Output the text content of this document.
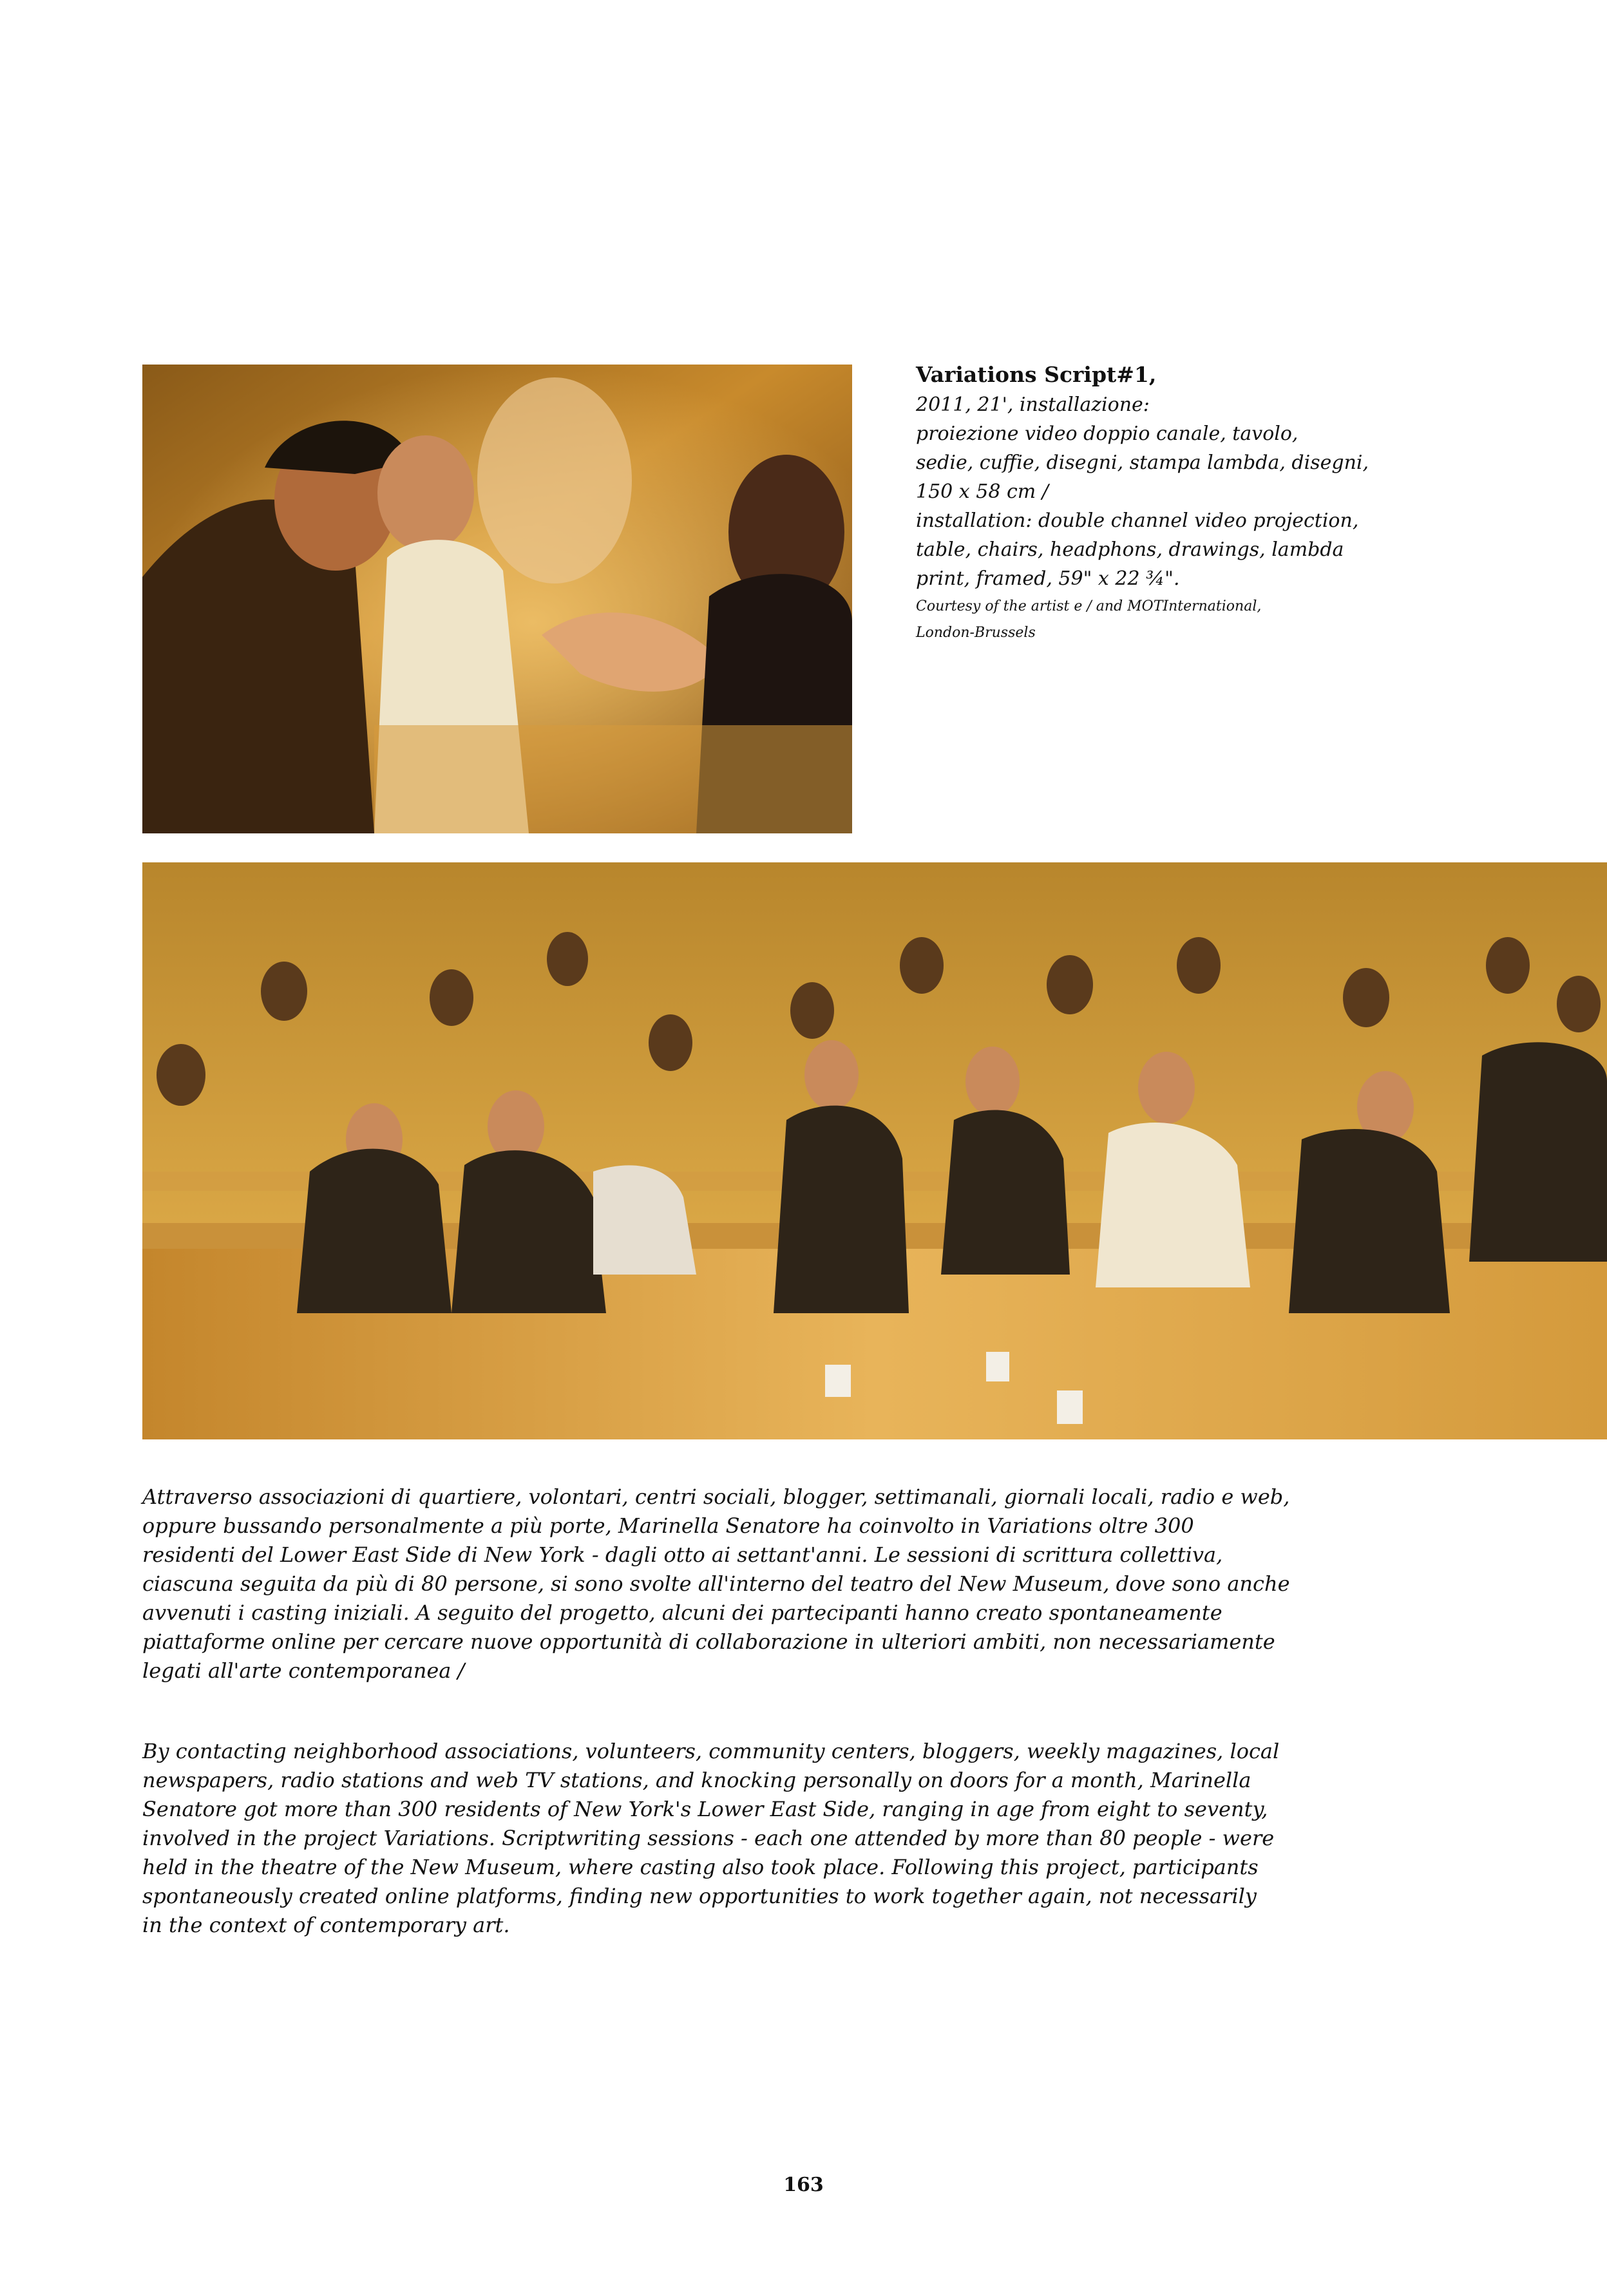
Variations Script#1,
2011, 21', installazione:
proiezione video doppio canale, tavolo,
sedie, cuffie, disegni, stampa lambda, disegni,
150 x 58 cm /
installation: double channel video projection,
table, chairs, headphons, drawings, lambda
print, framed, 59" x 22 ¾".
Courtesy of the artist e / and MOTInternational,
London-Brussels
Attraverso associazioni di quartiere, volontari, centri sociali, blogger, settimanali, giornali locali, radio e web,
oppure bussando personalmente a più porte, Marinella Senatore ha coinvolto in Variations oltre 300
residenti del Lower East Side di New York - dagli otto ai settant'anni. Le sessioni di scrittura collettiva,
ciascuna seguita da più di 80 persone, si sono svolte all'interno del teatro del New Museum, dove sono anche
avvenuti i casting iniziali. A seguito del progetto, alcuni dei partecipanti hanno creato spontaneamente
piattaforme online per cercare nuove opportunità di collaborazione in ulteriori ambiti, non necessariamente
legati all'arte contemporanea /
By contacting neighborhood associations, volunteers, community centers, bloggers, weekly magazines, local
newspapers, radio stations and web TV stations, and knocking personally on doors for a month, Marinella
Senatore got more than 300 residents of New York's Lower East Side, ranging in age from eight to seventy,
involved in the project Variations. Scriptwriting sessions - each one attended by more than 80 people - were
held in the theatre of the New Museum, where casting also took place. Following this project, participants
spontaneously created online platforms, finding new opportunities to work together again, not necessarily
in the context of contemporary art.
163
